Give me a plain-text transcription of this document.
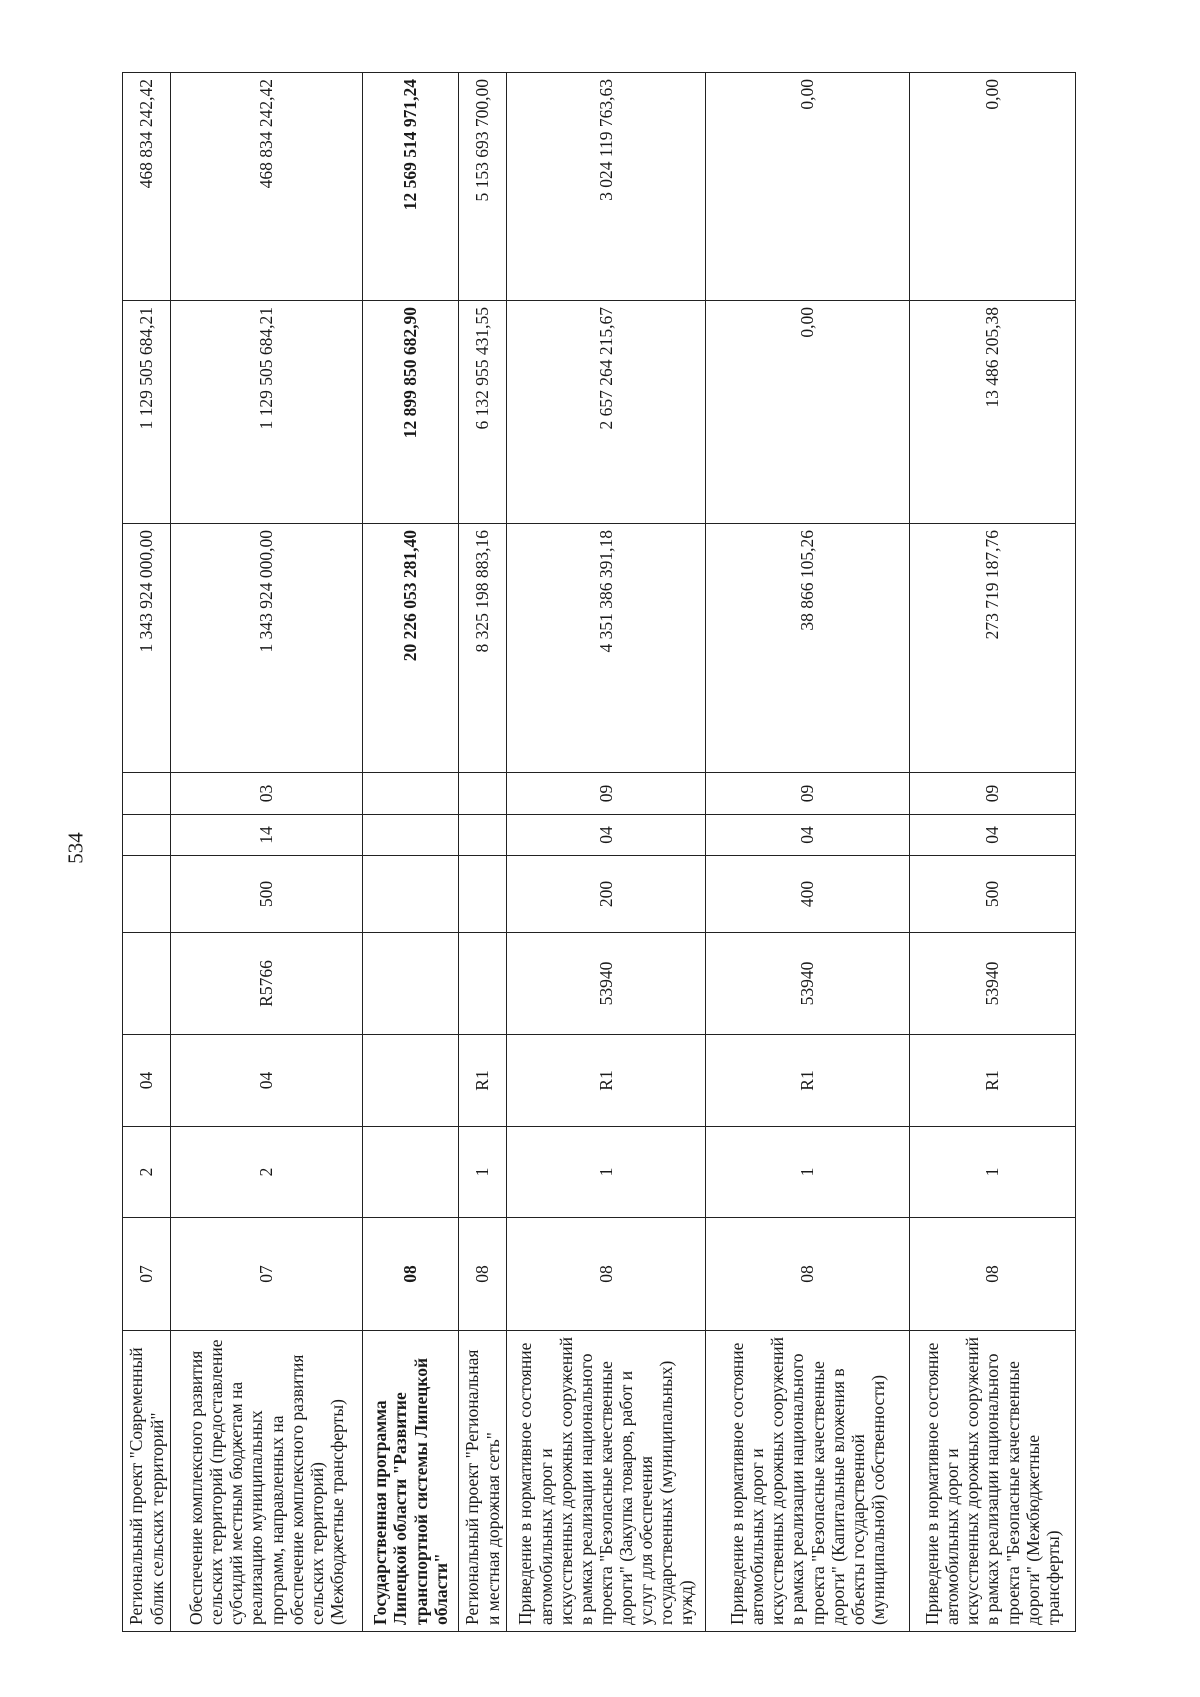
534
Региональный проект "Современный облик сельских территорий"	07	2	04					1 343 924 000,00	1 129 505 684,21	468 834 242,42
Обеспечение комплексного развития сельских территорий (предоставление субсидий местным бюджетам на реализацию муниципальных программ, направленных на обеспечение комплексного развития сельских территорий) (Межбюджетные трансферты)	07	2	04	R5766	500	14	03	1 343 924 000,00	1 129 505 684,21	468 834 242,42
Государственная программа Липецкой области "Развитие транспортной системы Липецкой области"	08							20 226 053 281,40	12 899 850 682,90	12 569 514 971,24
Региональный проект "Региональная и местная дорожная сеть"	08	1	R1					8 325 198 883,16	6 132 955 431,55	5 153 693 700,00
Приведение в нормативное состояние автомобильных дорог и искусственных дорожных сооружений в рамках реализации национального проекта "Безопасные качественные дороги" (Закупка товаров, работ и услуг для обеспечения государственных (муниципальных) нужд)	08	1	R1	53940	200	04	09	4 351 386 391,18	2 657 264 215,67	3 024 119 763,63
Приведение в нормативное состояние автомобильных дорог и искусственных дорожных сооружений в рамках реализации национального проекта "Безопасные качественные дороги" (Капитальные вложения в объекты государственной (муниципальной) собственности)	08	1	R1	53940	400	04	09	38 866 105,26	0,00	0,00
Приведение в нормативное состояние автомобильных дорог и искусственных дорожных сооружений в рамках реализации национального проекта "Безопасные качественные дороги" (Межбюджетные трансферты)	08	1	R1	53940	500	04	09	273 719 187,76	13 486 205,38	0,00
